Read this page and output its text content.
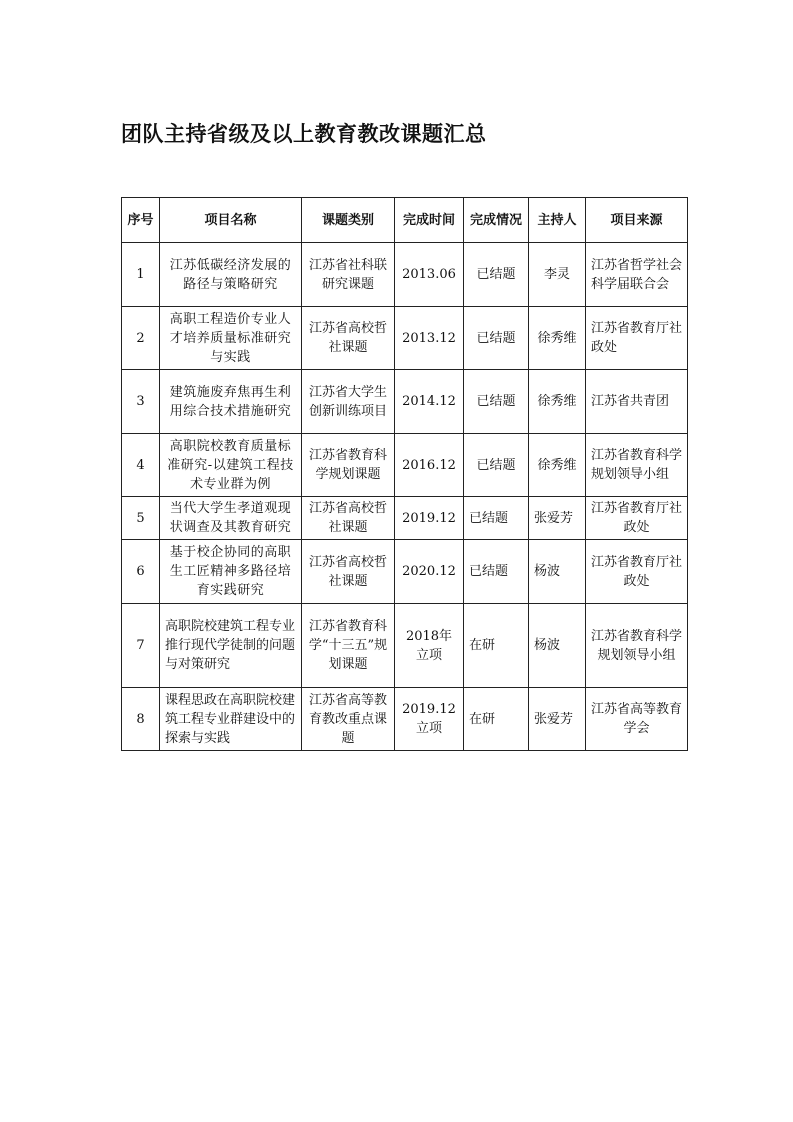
团队主持省级及以上教育教改课题汇总
序号	项目名称	课题类别	完成时间	完成情况	主持人	项目来源
1	江苏低碳经济发展的路径与策略研究	江苏省社科联研究课题	2013.06	已结题	李灵	江苏省哲学社会科学届联合会
2	高职工程造价专业人才培养质量标准研究与实践	江苏省高校哲社课题	2013.12	已结题	徐秀维	江苏省教育厅社政处
3	建筑施废弃焦再生利用综合技术措施研究	江苏省大学生创新训练项目	2014.12	已结题	徐秀维	江苏省共青团
4	高职院校教育质量标准研究-以建筑工程技术专业群为例	江苏省教育科学规划课题	2016.12	已结题	徐秀维	江苏省教育科学规划领导小组
5	当代大学生孝道观现状调查及其教育研究	江苏省高校哲社课题	2019.12	已结题	张爱芳	江苏省教育厅社政处
6	基于校企协同的高职生工匠精神多路径培育实践研究	江苏省高校哲社课题	2020.12	已结题	杨波	江苏省教育厅社政处
7	高职院校建筑工程专业推行现代学徒制的问题与对策研究	江苏省教育科学“十三五”规划课题	2018年立项	在研	杨波	江苏省教育科学规划领导小组
8	课程思政在高职院校建筑工程专业群建设中的探索与实践	江苏省高等教育教改重点课题	2019.12立项	在研	张爱芳	江苏省高等教育学会
